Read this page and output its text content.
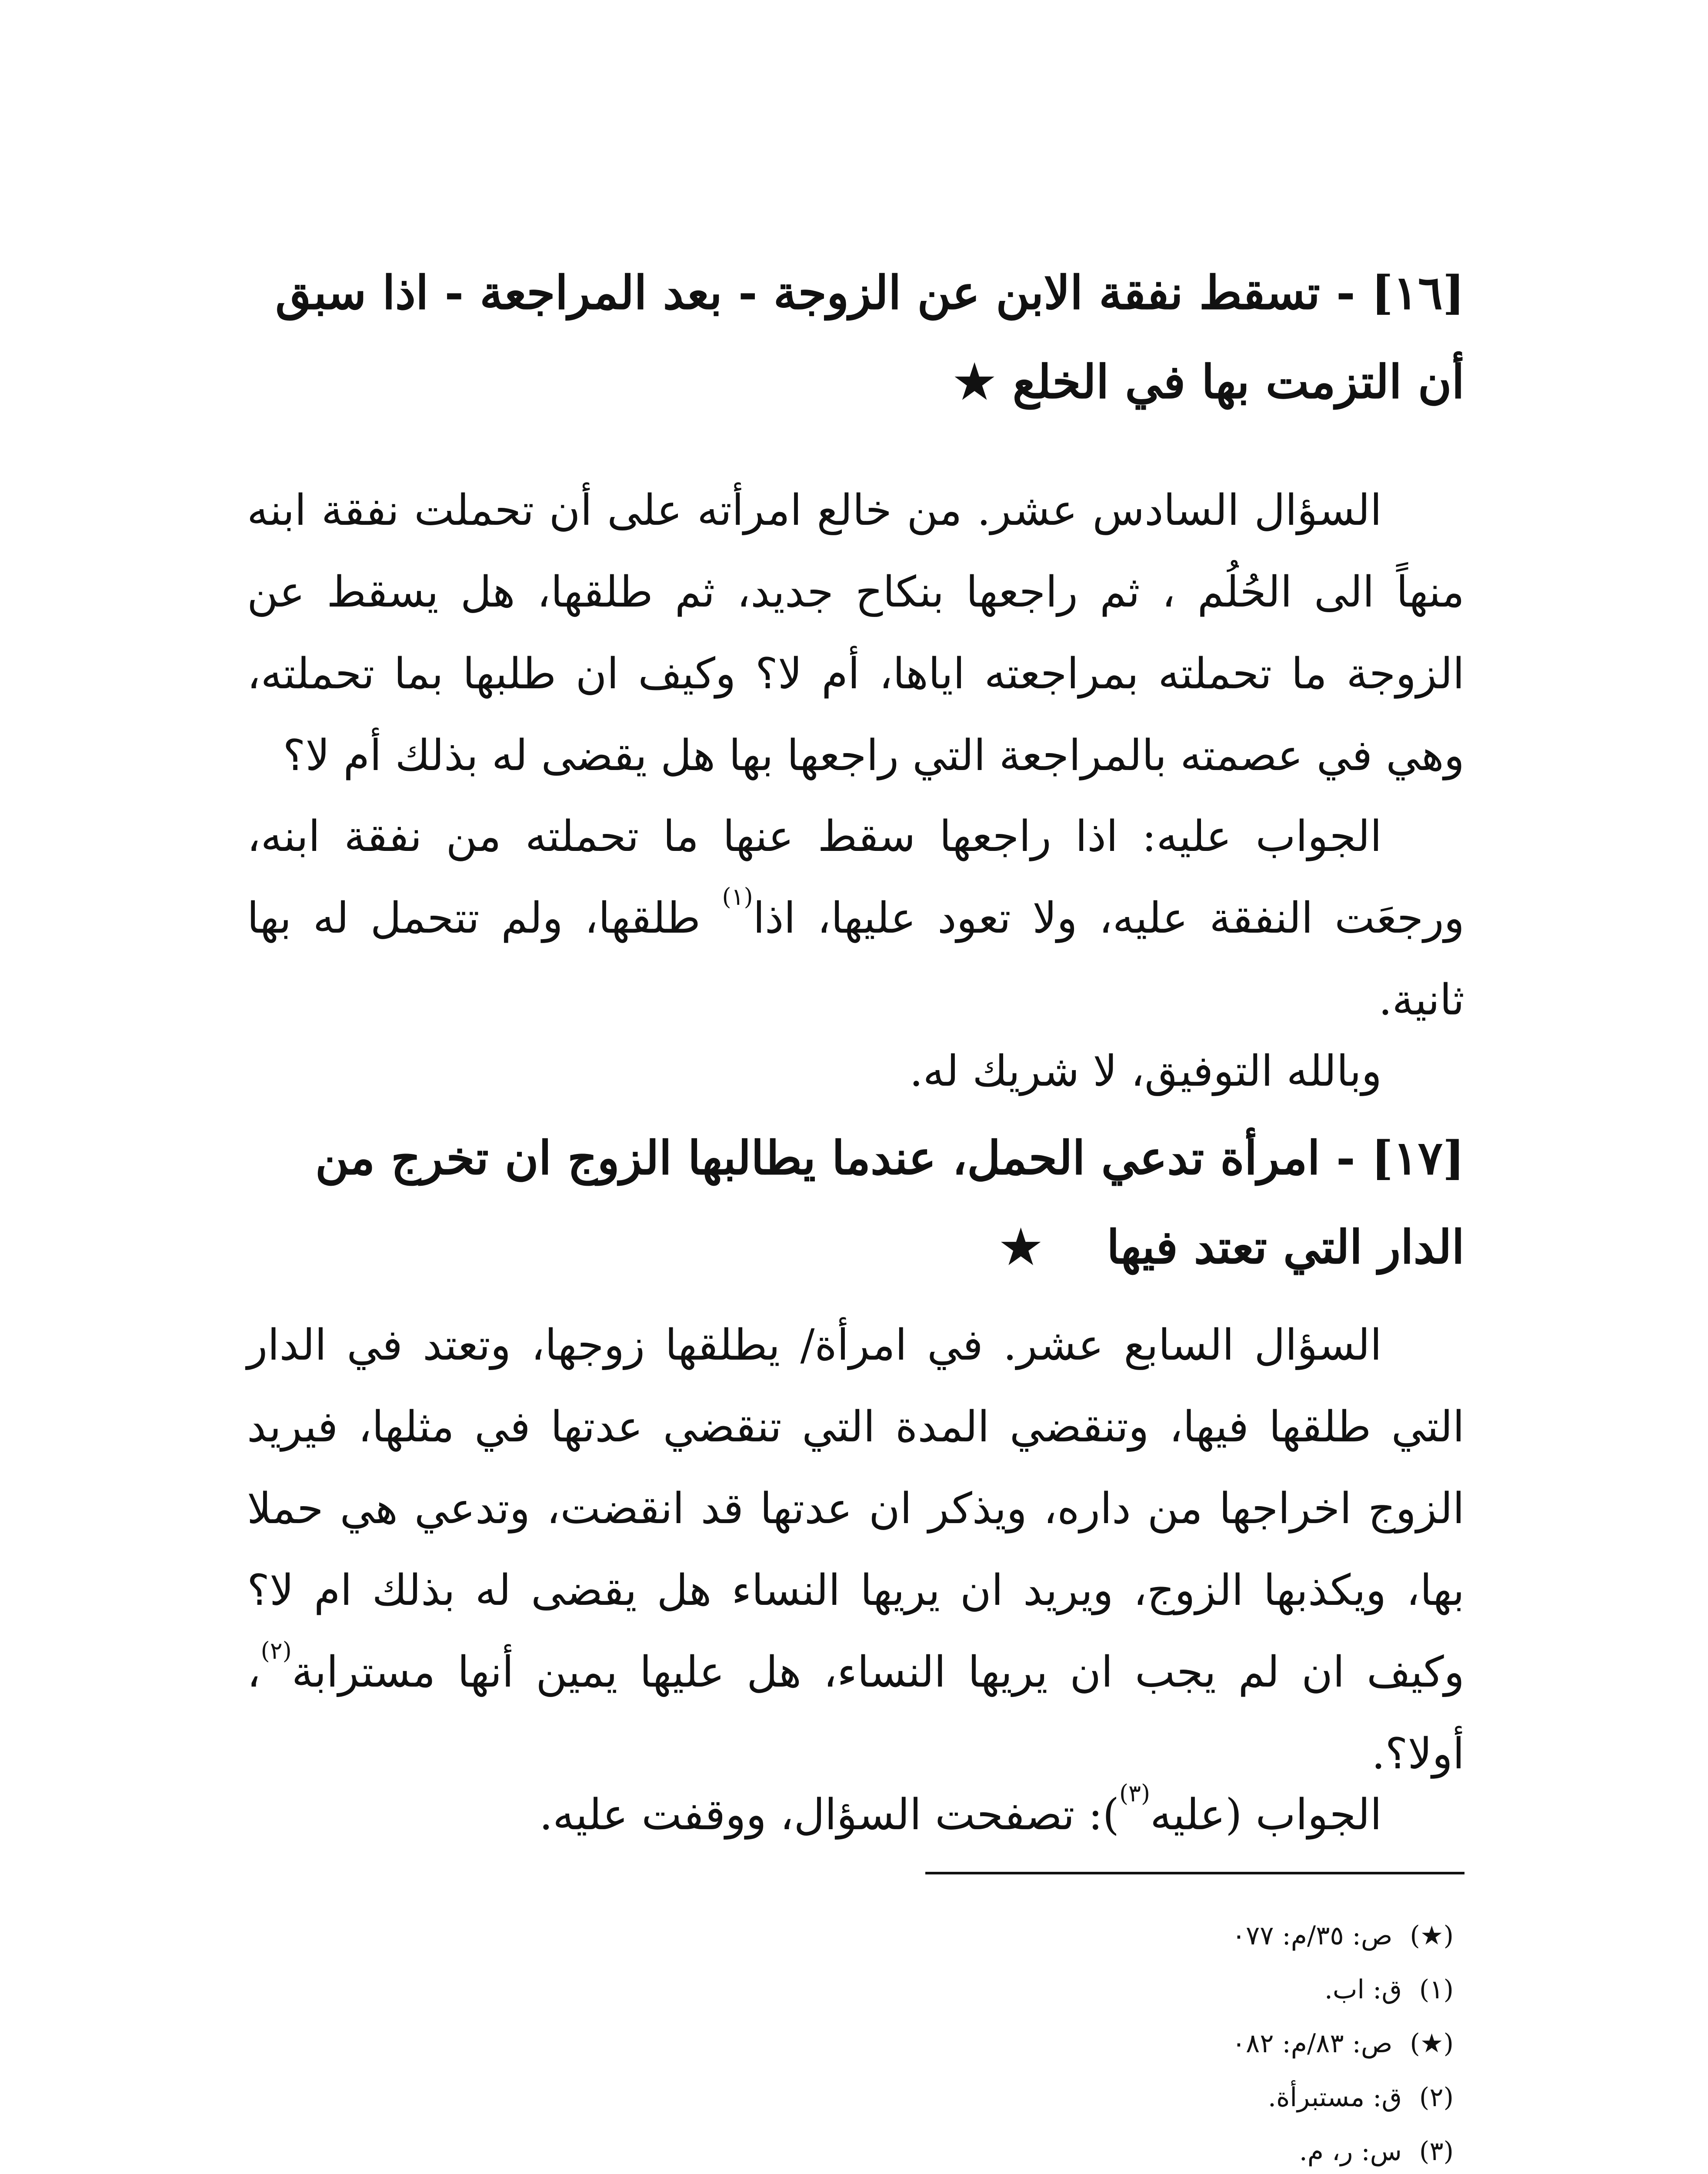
[١٦] - تسقط نفقة الابن عن الزوجة - بعد المراجعة - اذا سبق
أن التزمت بها في الخلع★
السؤال السادس عشر. من خالع امرأته على أن تحملت نفقة ابنه منهاً الى الحُلُم ، ثم راجعها بنكاح جديد، ثم طلقها، هل يسقط عن الزوجة ما تحملته بمراجعته اياها، أم لا؟ وكيف ان طلبها بما تحملته، وهي في عصمته بالمراجعة التي راجعها بها هل يقضى له بذلك أم لا؟
الجواب عليه: اذا راجعها سقط عنها ما تحملته من نفقة ابنه، ورجعَت النفقة عليه، ولا تعود عليها، اذا$^{(١)}$ طلقها، ولم تتحمل له بها ثانية.
وبالله التوفيق، لا شريك له.
[١٧] - امرأة تدعي الحمل، عندما يطالبها الزوج ان تخرج من
الدار التي تعتد فيها★
السؤال السابع عشر. في امرأة/ يطلقها زوجها، وتعتد في الدار التي طلقها فيها، وتنقضي المدة التي تنقضي عدتها في مثلها، فيريد الزوج اخراجها من داره، ويذكر ان عدتها قد انقضت، وتدعي هي حملا بها، ويكذبها الزوج، ويريد ان يريها النساء هل يقضى له بذلك ام لا؟ وكيف ان لم يجب ان يريها النساء، هل عليها يمين أنها مسترابة$^{(٢)}$، أولا؟.
الجواب (عليه$^{(٣)}$): تصفحت السؤال، ووقفت عليه.
(★)ص: ٣٥/م: ٠٧٧
(١)ق: اب.
(★)ص: ٨٣/م: ٠٨٢
(٢)ق: مستبرأة.
(٣)س: ر، م.
